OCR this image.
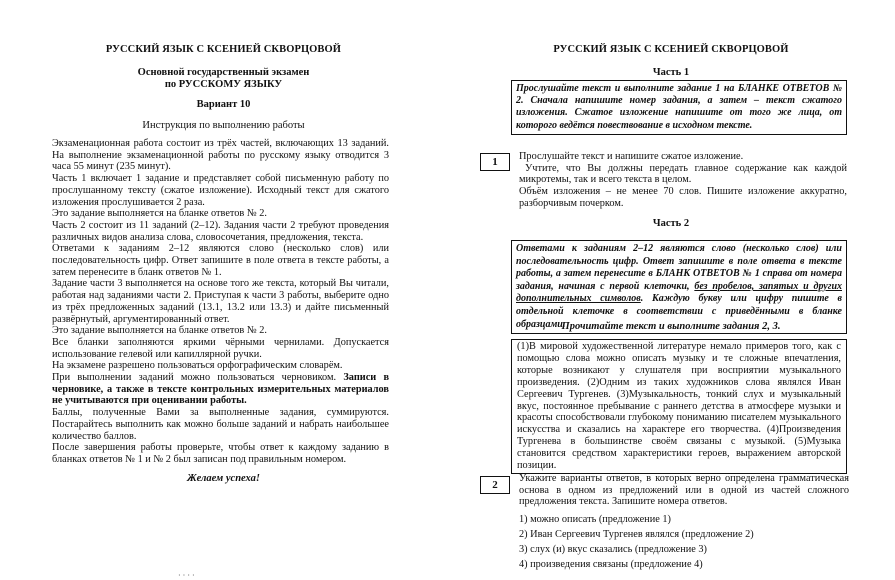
РУССКИЙ ЯЗЫК С КСЕНИЕЙ СКВОРЦОВОЙ
Основной государственный экзамен
по РУССКОМУ ЯЗЫКУ
Вариант 10
Инструкция по выполнению работы

Экзаменационная работа состоит из трёх частей, включающих 13 заданий. На выполнение экзаменационной работы по русскому языку отводится 3 часа 55 минут (235 минут).

Часть 1 включает 1 задание и представляет собой письменную работу по прослушанному тексту (сжатое изложение). Исходный текст для сжатого изложения прослушивается 2 раза.

Это задание выполняется на бланке ответов № 2.

Часть 2 состоит из 11 заданий (2–12). Задания части 2 требуют проведения различных видов анализа слова, словосочетания, предложения, текста.

Ответами к заданиям 2–12 являются слово (несколько слов) или последовательность цифр. Ответ запишите в поле ответа в тексте работы, а затем перенесите в бланк ответов № 1.

Задание части 3 выполняется на основе того же текста, который Вы читали, работая над заданиями части 2. Приступая к части 3 работы, выберите одно из трёх предложенных заданий (13.1, 13.2 или 13.3) и дайте письменный развёрнутый, аргументированный ответ.

Это задание выполняется на бланке ответов № 2.

Все бланки заполняются яркими чёрными чернилами. Допускается использование гелевой или капиллярной ручки.

На экзамене разрешено пользоваться орфографическим словарём.

При выполнении заданий можно пользоваться черновиком. Записи в черновике, а также в тексте контрольных измерительных материалов не учитываются при оценивании работы.

Баллы, полученные Вами за выполненные задания, суммируются. Постарайтесь выполнить как можно больше заданий и набрать наибольшее количество баллов.

После завершения работы проверьте, чтобы ответ к каждому заданию в бланках ответов № 1 и № 2 был записан под правильным номером.

Желаем успеха!
· · · ·
РУССКИЙ ЯЗЫК С КСЕНИЕЙ СКВОРЦОВОЙ
Часть 1
Прослушайте текст и выполните задание 1 на БЛАНКЕ ОТВЕТОВ № 2. Сначала напишите номер задания, а затем – текст сжатого изложения. Сжатое изложение напишите от того же лица, от которого ведётся повествование в исходном тексте.
1	Прослушайте текст и напишите сжатое изложение.

Учтите, что Вы должны передать главное содержание как каждой микротемы, так и всего текста в целом.

Объём изложения – не менее 70 слов. Пишите изложение аккуратно, разборчивым почерком.

Часть 2
Ответами к заданиям 2–12 являются слово (несколько слов) или последовательность цифр. Ответ запишите в поле ответа в тексте работы, а затем перенесите в БЛАНК ОТВЕТОВ № 1 справа от номера задания, начиная с первой клеточки, без пробелов, запятых и других дополнительных символов. Каждую букву или цифру пишите в отдельной клеточке в соответствии с приведёнными в бланке образцами.
Прочитайте текст и выполните задания 2, 3.
(1)В мировой художественной литературе немало примеров того, как с помощью слова можно описать музыку и те сложные впечатления, которые возникают у слушателя при восприятии музыкального произведения. (2)Одним из таких художников слова являлся Иван Сергеевич Тургенев. (3)Музыкальность, тонкий слух и музыкальный вкус, постоянное пребывание с раннего детства в атмосфере музыки и красоты способствовали глубокому пониманию писателем музыкального искусства и сказались на характере его творчества. (4)Произведения Тургенева в большинстве своём связаны с музыкой. (5)Музыка становится средством характеристики героев, выражением авторской позиции.
2
Укажите варианты ответов, в которых верно определена грамматическая основа в одном из предложений или в одной из частей сложного предложения текста. Запишите номера ответов.
1) можно описать (предложение 1)
2) Иван Сергеевич Тургенев являлся (предложение 2)
3) слух (и) вкус сказались (предложение 3)
4) произведения связаны (предложение 4)
